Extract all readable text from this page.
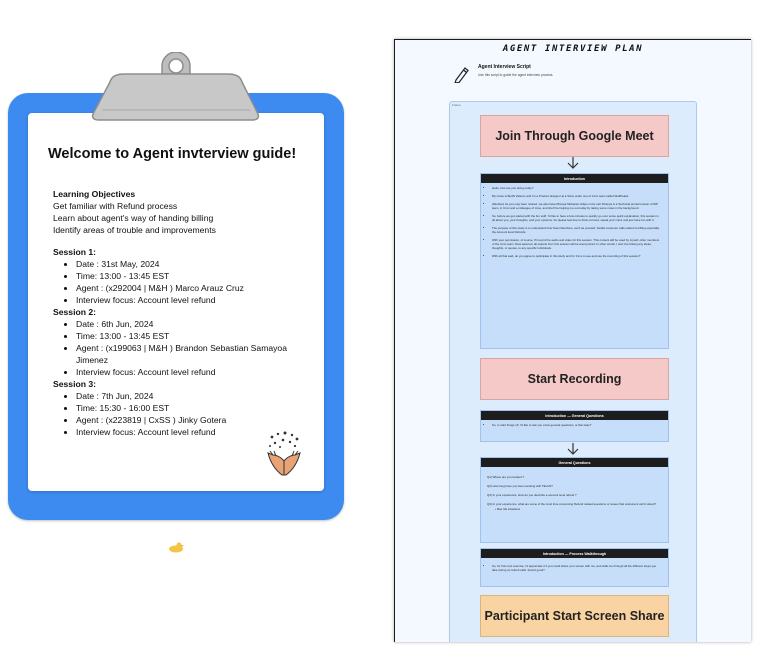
Welcome to Agent invterview guide!

Learning Objectives

Get familiar with Refund process

Learn about agent's way of handing billing

Identify areas of trouble and improvements

Session 1:

• Date : 31st May, 2024
• Time: 13:00 - 13:45 EST
• Agent : (x292004 | M&H ) Marco Arauz Cruz
• Interview focus: Account level refund

Session 2:

• Date : 6th Jun, 2024
• Time: 13:00 - 13:45 EST
• Agent : (x199063 | M&H ) Brandon Sebastian Samayoa Jimenez
• Interview focus: Account level refund

Session 3:

• Date : 7th Jun, 2024
• Time: 15:30 - 16:00 EST
• Agent : (x223819 | CxSS ) Jinky Gotera
• Interview focus: Account level refund
AGENT INTERVIEW PLAN
Agent Interview Script
Use this script to guide the agent interview process.
Frame
Join Through Google Meet
Introduction
• Hello, how are you doing today?
• My name is Bodhi Valenor and I'm a Product designer at a Telus under one of Cxxx team called WellPeaks.
• (Mention) As you may have noticed, we also have Dhanya Mohanan Gilija on the call. Dhanya is a Technical product owner of WP team, in Cxxx and a colleague of mine, and she'll be helping me out today by taking some notes in the background.
• So, before we get started with the fun stuff, I'd like to have a few minutes to quickly go over some quick explanation, this session is all about you, your thoughts, and your opinions. So please feel free to think out loud, speak your mind, and just have fun with it.
• The purpose of this study is to understand how Team Members, such as yourself, handle customer calls related to billing especially the Account level Refunds.
• With your permission, of course, I'll record the audio and video for this session. This content will be used by myself, other members of the Cxxx team. Rest assured, all outputs from this session will be anonymized. In other words, I won't be linking any ideas, thoughts, or quotes, to any specific individuals.
• With all that said, do you agree to participate in this study and for Cxxx to see and use the recording of this session?
Start Recording
Introduction — General Questions
• So, to start things off, I'd like to ask you a few general questions, is that okay?
General Questions

Q1) Where are you located ?

Q2) How long have you been working with TELUS?

Q3) In your experience, How do you describe a account level refund ?

Q4) In your experience, what are some of the most time consuming Refund related questions or issues that customers call in about?

• Max CE situations
Introduction — Process Walkthrough
• So, for this next exercise, I'd appreciate it if you could share your screen with me, and walk me through all the different steps you take during an refund calls. Sound good?
Participant Start Screen Share
